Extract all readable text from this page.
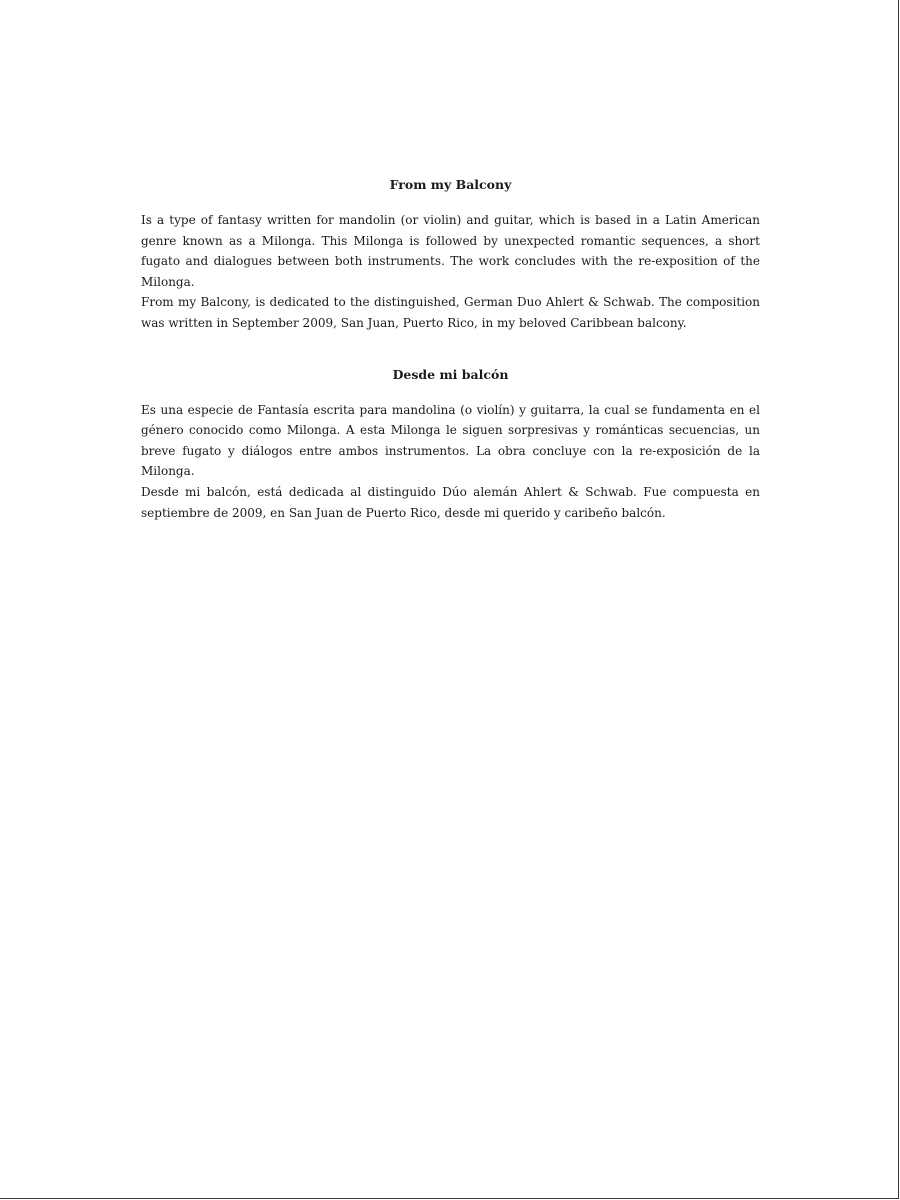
From my Balcony

Is a type of fantasy written for mandolin (or violin) and guitar, which is based in a Latin American genre known as a Milonga. This Milonga is followed by unexpected romantic sequences, a short fugato and dialogues between both instruments. The work concludes with the re-exposition of the Milonga.

From my Balcony, is dedicated to the distinguished, German Duo Ahlert & Schwab. The composition was written in September 2009, San Juan, Puerto Rico, in my beloved Caribbean balcony.

Desde mi balcón

Es una especie de Fantasía escrita para mandolina (o violín) y guitarra, la cual se fundamenta en el género conocido como Milonga. A esta Milonga le siguen sorpresivas y románticas secuencias, un breve fugato y diálogos entre ambos instrumentos. La obra concluye con la re-exposición de la Milonga.

Desde mi balcón, está dedicada al distinguido Dúo alemán Ahlert & Schwab. Fue compuesta en septiembre de 2009, en San Juan de Puerto Rico, desde mi querido y caribeño balcón.
